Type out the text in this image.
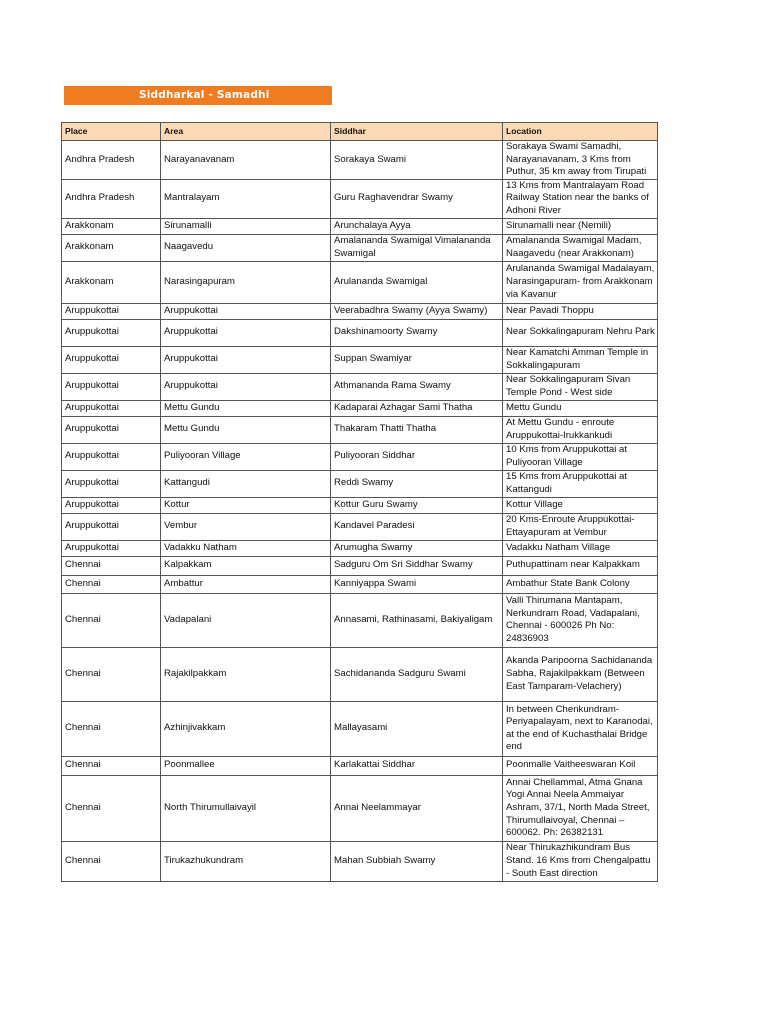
Siddharkal - Samadhi
Place	Area	Siddhar	Location
Andhra Pradesh	Narayanavanam	Sorakaya Swami	Sorakaya Swami Samadhi, Narayanavanam, 3 Kms from Puthur, 35 km away from Tirupati
Andhra Pradesh	Mantralayam	Guru Raghavendrar Swamy	13 Kms from Mantralayam Road Railway Station near the banks of Adhoni River
Arakkonam	Sirunamalli	Arunchalaya Ayya	Sirunamalli near (Nemili)
Arakkonam	Naagavedu	Amalananda Swamigal Vimalananda Swamigal	Amalananda Swamigal Madam, Naagavedu (near Arakkonam)
Arakkonam	Narasingapuram	Arulananda Swamigal	Arulananda Swamigal Madalayam, Narasingapuram- from Arakkonam via Kavanur
Aruppukottai	Aruppukottai	Veerabadhra Swamy (Ayya Swamy)	Near Pavadi Thoppu
Aruppukottai	Aruppukottai	Dakshinamoorty Swamy	Near Sokkalingapuram Nehru Park
Aruppukottai	Aruppukottai	Suppan Swamiyar	Near Kamatchi Amman Temple in Sokkalingapuram
Aruppukottai	Aruppukottai	Athmananda Rama Swamy	Near Sokkalingapuram Sivan Temple Pond - West side
Aruppukottai	Mettu Gundu	Kadaparai Azhagar Sami Thatha	Mettu Gundu
Aruppukottai	Mettu Gundu	Thakaram Thatti Thatha	At Mettu Gundu - enroute Aruppukottai-Irukkankudi
Aruppukottai	Puliyooran Village	Puliyooran Siddhar	10 Kms from Aruppukottai at Puliyooran Village
Aruppukottai	Kattangudi	Reddi Swamy	15 Kms from Aruppukottai at Kattangudi
Aruppukottai	Kottur	Kottur Guru Swamy	Kottur Village
Aruppukottai	Vembur	Kandavel Paradesi	20 Kms-Enroute Aruppukottai-Ettayapuram at Vembur
Aruppukottai	Vadakku Natham	Arumugha Swamy	Vadakku Natham Village
Chennai	Kalpakkam	Sadguru Om Sri Siddhar Swamy	Puthupattinam near Kalpakkam
Chennai	Ambattur	Kanniyappa Swami	Ambathur State Bank Colony
Chennai	Vadapalani	Annasami, Rathinasami, Bakiyaligam	Valli Thirumana Mantapam, Nerkundram Road, Vadapalani, Chennai - 600026 Ph No: 24836903
Chennai	Rajakilpakkam	Sachidananda Sadguru Swami	Akanda Paripoorna Sachidananda Sabha, Rajakilpakkam (Between East Tamparam-Velachery)
Chennai	Azhinjivakkam	Mallayasami	In between Chenkundram-Periyapalayam, next to Karanodai, at the end of Kuchasthalai Bridge end
Chennai	Poonmallee	Karlakattai Siddhar	Poonmalle Vaitheeswaran Koil
Chennai	North Thirumullaivayil	Annai Neelammayar	Annai Chellammal, Atma Gnana Yogi Annai Neela Ammaiyar Ashram, 37/1, North Mada Street, Thirumullaivoyal, Chennai – 600062. Ph: 26382131
Chennai	Tirukazhukundram	Mahan Subbiah Swamy	Near Thirukazhikundram Bus Stand. 16 Kms from Chengalpattu - South East direction
